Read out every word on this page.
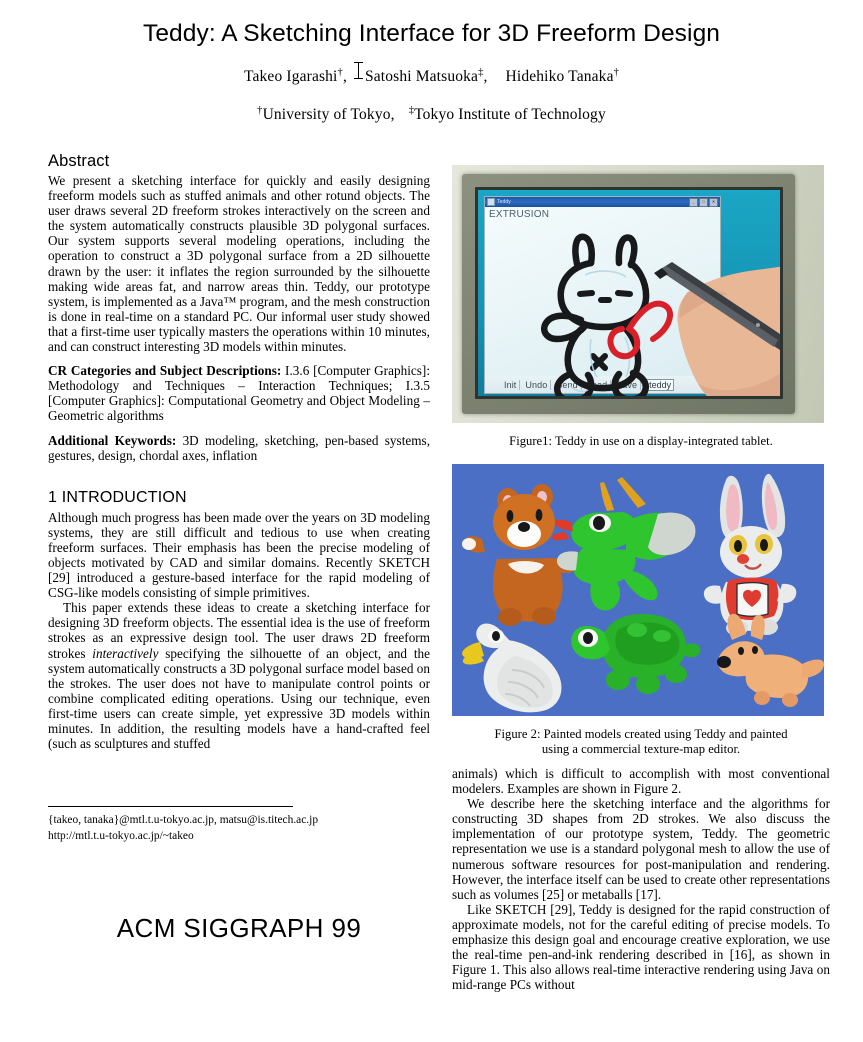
Teddy: A Sketching Interface for 3D Freeform Design
Takeo Igarashi†, Satoshi Matsuoka‡, Hidehiko Tanaka†
†University of Tokyo, ‡Tokyo Institute of Technology
Abstract

We present a sketching interface for quickly and easily designing freeform models such as stuffed animals and other rotund objects. The user draws several 2D freeform strokes interactively on the screen and the system automatically constructs plausible 3D polygonal surfaces. Our system supports several modeling operations, including the operation to construct a 3D polygonal surface from a 2D silhouette drawn by the user: it inflates the region surrounded by the silhouette making wide areas fat, and narrow areas thin. Teddy, our prototype system, is implemented as a Java™ program, and the mesh construction is done in real-time on a standard PC. Our informal user study showed that a first-time user typically masters the operations within 10 minutes, and can construct interesting 3D models within minutes.

CR Categories and Subject Descriptions: I.3.6 [Computer Graphics]: Methodology and Techniques – Interaction Techniques; I.3.5 [Computer Graphics]: Computational Geometry and Object Modeling – Geometric algorithms

Additional Keywords: 3D modeling, sketching, pen-based systems, gestures, design, chordal axes, inflation

1 INTRODUCTION

Although much progress has been made over the years on 3D modeling systems, they are still difficult and tedious to use when creating freeform surfaces. Their emphasis has been the precise modeling of objects motivated by CAD and similar domains. Recently SKETCH [29] introduced a gesture-based interface for the rapid modeling of CSG-like models consisting of simple primitives.

This paper extends these ideas to create a sketching interface for designing 3D freeform objects. The essential idea is the use of freeform strokes as an expressive design tool. The user draws 2D freeform strokes interactively specifying the silhouette of an object, and the system automatically constructs a 3D polygonal surface model based on the strokes. The user does not have to manipulate control points or combine complicated editing operations. Using our technique, even first-time users can create simple, yet expressive 3D models within minutes. In addition, the resulting models have a hand-crafted feel (such as sculptures and stuffed

{takeo, tanaka}@mtl.t.u-tokyo.ac.jp, matsu@is.titech.ac.jp
http://mtl.t.u-tokyo.ac.jp/~takeo
ACM SIGGRAPH 99
Teddy	_	□	✕
EXTRUSION
Init	Undo	Bend	Load	Save	teddy
Figure1: Teddy in use on a display-integrated tablet.
Figure 2: Painted models created using Teddy and painted
using a commercial texture-map editor.

animals) which is difficult to accomplish with most conventional modelers. Examples are shown in Figure 2.

We describe here the sketching interface and the algorithms for constructing 3D shapes from 2D strokes. We also discuss the implementation of our prototype system, Teddy. The geometric representation we use is a standard polygonal mesh to allow the use of numerous software resources for post-manipulation and rendering. However, the interface itself can be used to create other representations such as volumes [25] or metaballs [17].

Like SKETCH [29], Teddy is designed for the rapid construction of approximate models, not for the careful editing of precise models. To emphasize this design goal and encourage creative exploration, we use the real-time pen-and-ink rendering described in [16], as shown in Figure 1. This also allows real-time interactive rendering using Java on mid-range PCs without
